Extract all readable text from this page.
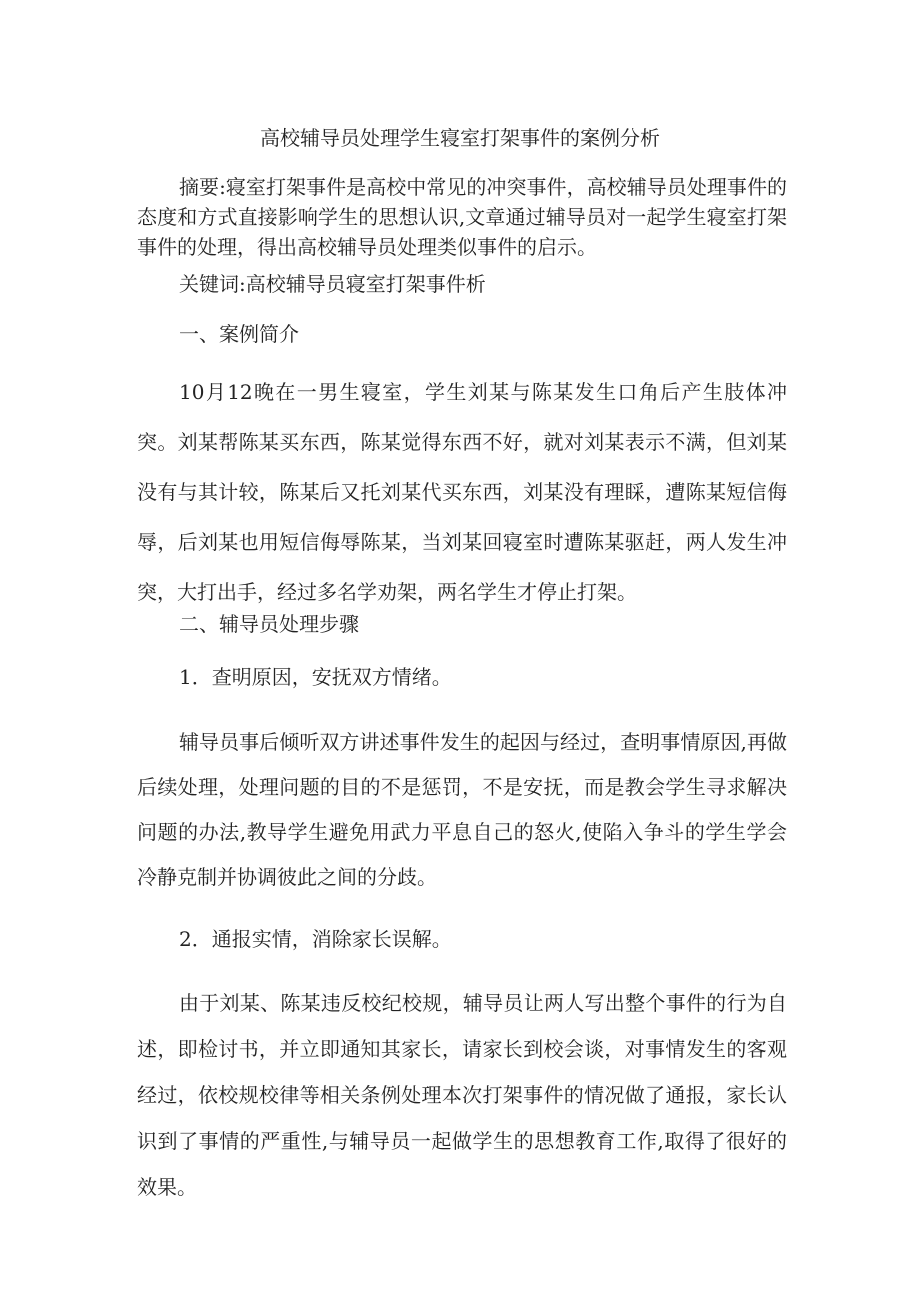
高校辅导员处理学生寝室打架事件的案例分析

摘要:寝室打架事件是高校中常见的冲突事件，高校辅导员处理事件的态度和方式直接影响学生的思想认识,文章通过辅导员对一起学生寝室打架事件的处理，得出高校辅导员处理类似事件的启示。

关键词:高校辅导员寝室打架事件析

一、案例简介

10月12晚在一男生寝室，学生刘某与陈某发生口角后产生肢体冲突。刘某帮陈某买东西，陈某觉得东西不好，就对刘某表示不满，但刘某没有与其计较，陈某后又托刘某代买东西，刘某没有理睬，遭陈某短信侮辱，后刘某也用短信侮辱陈某，当刘某回寝室时遭陈某驱赶，两人发生冲突，大打出手，经过多名学劝架，两名学生才停止打架。

二、辅导员处理步骤

1．查明原因，安抚双方情绪。

辅导员事后倾听双方讲述事件发生的起因与经过，查明事情原因,再做后续处理，处理问题的目的不是惩罚，不是安抚，而是教会学生寻求解决问题的办法,教导学生避免用武力平息自己的怒火,使陷入争斗的学生学会冷静克制并协调彼此之间的分歧。

2．通报实情，消除家长误解。

由于刘某、陈某违反校纪校规，辅导员让两人写出整个事件的行为自述，即检讨书，并立即通知其家长，请家长到校会谈，对事情发生的客观经过，依校规校律等相关条例处理本次打架事件的情况做了通报，家长认识到了事情的严重性,与辅导员一起做学生的思想教育工作,取得了很好的效果。
